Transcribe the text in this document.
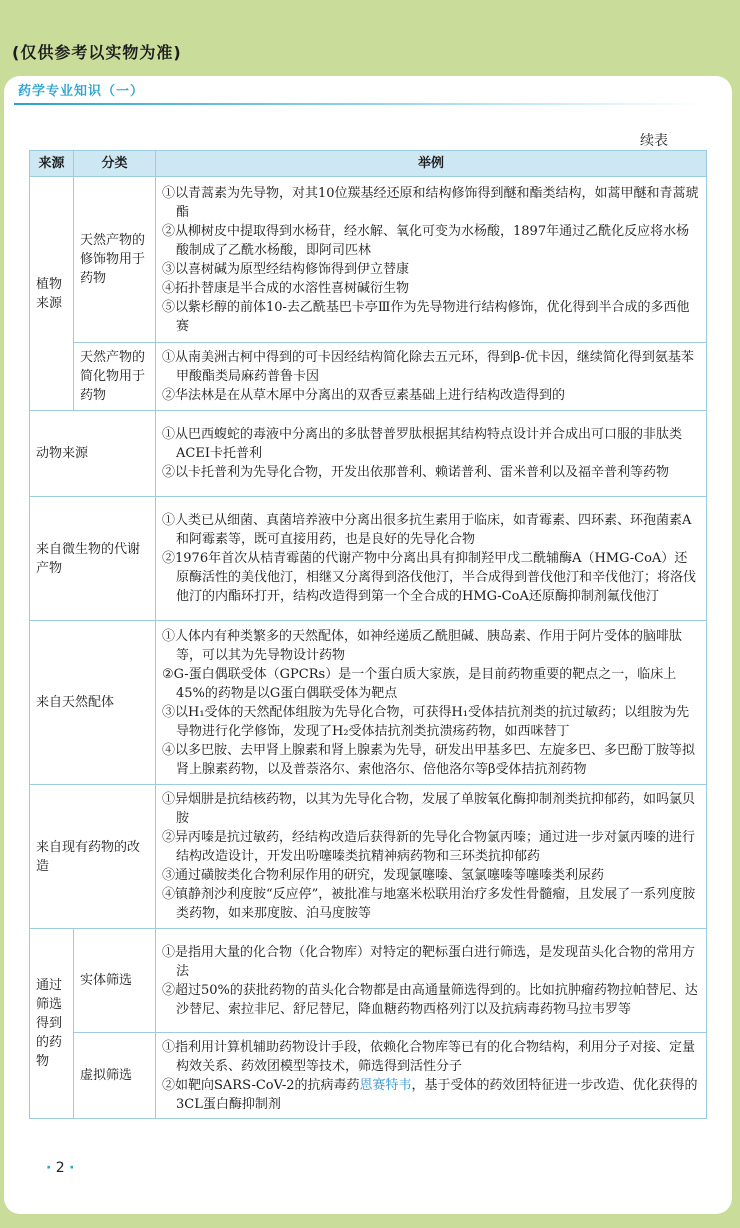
(仅供参考以实物为准)
药学专业知识（一）
续表
来源	分类	举例
植物来源	天然产物的修饰物用于药物	①以青蒿素为先导物，对其10位羰基经还原和结构修饰得到醚和酯类结构，如蒿甲醚和青蒿琥酯
②从柳树皮中提取得到水杨苷，经水解、氧化可变为水杨酸，1897年通过乙酰化反应将水杨酸制成了乙酰水杨酸，即阿司匹林
③以喜树碱为原型经结构修饰得到伊立替康
④拓扑替康是半合成的水溶性喜树碱衍生物
⑤以紫杉醇的前体10-去乙酰基巴卡亭Ⅲ作为先导物进行结构修饰，优化得到半合成的多西他赛

	天然产物的简化物用于药物	①从南美洲古柯中得到的可卡因经结构简化除去五元环，得到β-优卡因，继续简化得到氨基苯甲酸酯类局麻药普鲁卡因
②华法林是在从草木犀中分离出的双香豆素基础上进行结构改造得到的

动物来源		①从巴西蝮蛇的毒液中分离出的多肽替普罗肽根据其结构特点设计并合成出可口服的非肽类ACEI卡托普利
②以卡托普利为先导化合物，开发出依那普利、赖诺普利、雷米普利以及福辛普利等药物

来自微生物的代谢产物		①人类已从细菌、真菌培养液中分离出很多抗生素用于临床，如青霉素、四环素、环孢菌素A和阿霉素等，既可直接用药，也是良好的先导化合物
②1976年首次从桔青霉菌的代谢产物中分离出具有抑制羟甲戊二酰辅酶A（HMG-CoA）还原酶活性的美伐他汀，相继又分离得到洛伐他汀，半合成得到普伐他汀和辛伐他汀；将洛伐他汀的内酯环打开，结构改造得到第一个全合成的HMG-CoA还原酶抑制剂氟伐他汀

来自天然配体		①人体内有种类繁多的天然配体，如神经递质乙酰胆碱、胰岛素、作用于阿片受体的脑啡肽等，可以其为先导物设计药物
②G-蛋白偶联受体（GPCRs）是一个蛋白质大家族，是目前药物重要的靶点之一，临床上45%的药物是以G蛋白偶联受体为靶点
③以H₁受体的天然配体组胺为先导化合物，可获得H₁受体拮抗剂类的抗过敏药；以组胺为先导物进行化学修饰，发现了H₂受体拮抗剂类抗溃疡药物，如西咪替丁
④以多巴胺、去甲肾上腺素和肾上腺素为先导，研发出甲基多巴、左旋多巴、多巴酚丁胺等拟肾上腺素药物，以及普萘洛尔、索他洛尔、倍他洛尔等β受体拮抗剂药物

来自现有药物的改造		①异烟肼是抗结核药物，以其为先导化合物，发展了单胺氧化酶抑制剂类抗抑郁药，如吗氯贝胺
②异丙嗪是抗过敏药，经结构改造后获得新的先导化合物氯丙嗪；通过进一步对氯丙嗪的进行结构改造设计，开发出吩噻嗪类抗精神病药物和三环类抗抑郁药
③通过磺胺类化合物利尿作用的研究，发现氯噻嗪、氢氯噻嗪等噻嗪类利尿药
④镇静剂沙利度胺“反应停”，被批准与地塞米松联用治疗多发性骨髓瘤，且发展了一系列度胺类药物，如来那度胺、泊马度胺等

通过筛选得到的药物	实体筛选	①是指用大量的化合物（化合物库）对特定的靶标蛋白进行筛选，是发现苗头化合物的常用方法
②超过50%的获批药物的苗头化合物都是由高通量筛选得到的。比如抗肿瘤药物拉帕替尼、达沙替尼、索拉非尼、舒尼替尼，降血糖药物西格列汀以及抗病毒药物马拉韦罗等

	虚拟筛选	①指利用计算机辅助药物设计手段，依赖化合物库等已有的化合物结构，利用分子对接、定量构效关系、药效团模型等技术，筛选得到活性分子
②如靶向SARS-CoV-2的抗病毒药恩赛特韦，基于受体的药效团特征进一步改造、优化获得的3CL蛋白酶抑制剂
· 2 ·
